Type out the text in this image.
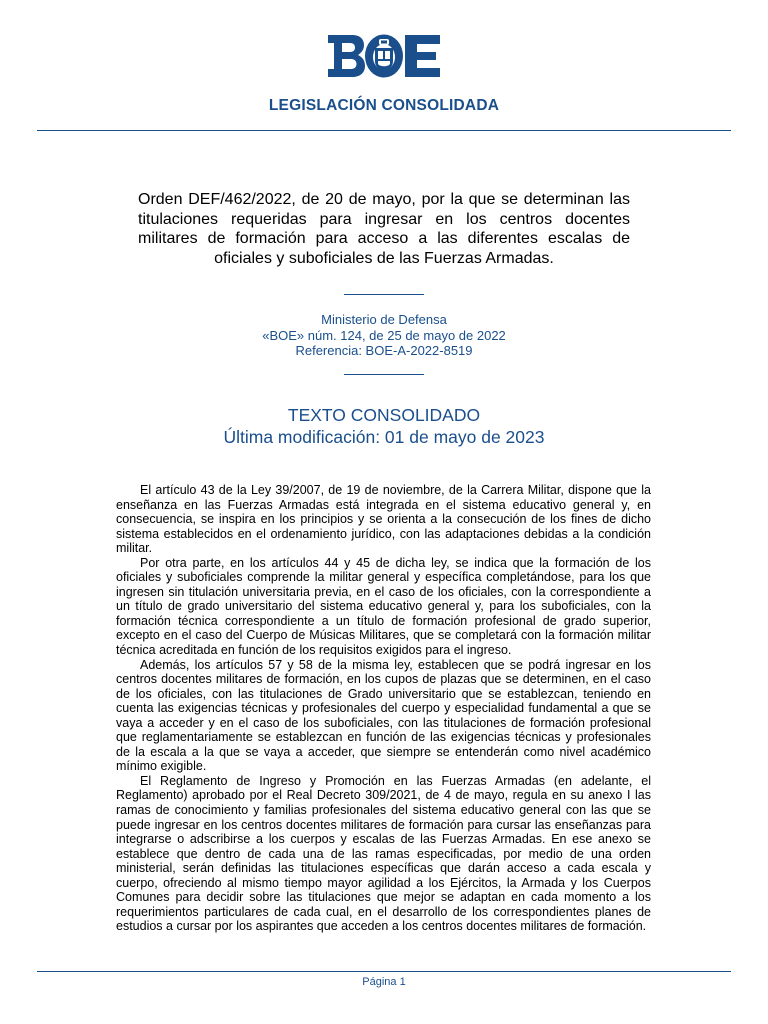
LEGISLACIÓN CONSOLIDADA
Orden DEF/462/2022, de 20 de mayo, por la que se determinan las titulaciones requeridas para ingresar en los centros docentes militares de formación para acceso a las diferentes escalas de oficiales y suboficiales de las Fuerzas Armadas.
Ministerio de Defensa
«BOE» núm. 124, de 25 de mayo de 2022
Referencia: BOE-A-2022-8519
TEXTO CONSOLIDADO
Última modificación: 01 de mayo de 2023

El artículo 43 de la Ley 39/2007, de 19 de noviembre, de la Carrera Militar, dispone que la enseñanza en las Fuerzas Armadas está integrada en el sistema educativo general y, en consecuencia, se inspira en los principios y se orienta a la consecución de los fines de dicho sistema establecidos en el ordenamiento jurídico, con las adaptaciones debidas a la condición militar.

Por otra parte, en los artículos 44 y 45 de dicha ley, se indica que la formación de los oficiales y suboficiales comprende la militar general y específica completándose, para los que ingresen sin titulación universitaria previa, en el caso de los oficiales, con la correspondiente a un título de grado universitario del sistema educativo general y, para los suboficiales, con la formación técnica correspondiente a un título de formación profesional de grado superior, excepto en el caso del Cuerpo de Músicas Militares, que se completará con la formación militar técnica acreditada en función de los requisitos exigidos para el ingreso.

Además, los artículos 57 y 58 de la misma ley, establecen que se podrá ingresar en los centros docentes militares de formación, en los cupos de plazas que se determinen, en el caso de los oficiales, con las titulaciones de Grado universitario que se establezcan, teniendo en cuenta las exigencias técnicas y profesionales del cuerpo y especialidad fundamental a que se vaya a acceder y en el caso de los suboficiales, con las titulaciones de formación profesional que reglamentariamente se establezcan en función de las exigencias técnicas y profesionales de la escala a la que se vaya a acceder, que siempre se entenderán como nivel académico mínimo exigible.

El Reglamento de Ingreso y Promoción en las Fuerzas Armadas (en adelante, el Reglamento) aprobado por el Real Decreto 309/2021, de 4 de mayo, regula en su anexo I las ramas de conocimiento y familias profesionales del sistema educativo general con las que se puede ingresar en los centros docentes militares de formación para cursar las enseñanzas para integrarse o adscribirse a los cuerpos y escalas de las Fuerzas Armadas. En ese anexo se establece que dentro de cada una de las ramas especificadas, por medio de una orden ministerial, serán definidas las titulaciones específicas que darán acceso a cada escala y cuerpo, ofreciendo al mismo tiempo mayor agilidad a los Ejércitos, la Armada y los Cuerpos Comunes para decidir sobre las titulaciones que mejor se adaptan en cada momento a los requerimientos particulares de cada cual, en el desarrollo de los correspondientes planes de estudios a cursar por los aspirantes que acceden a los centros docentes militares de formación.

Página 1
